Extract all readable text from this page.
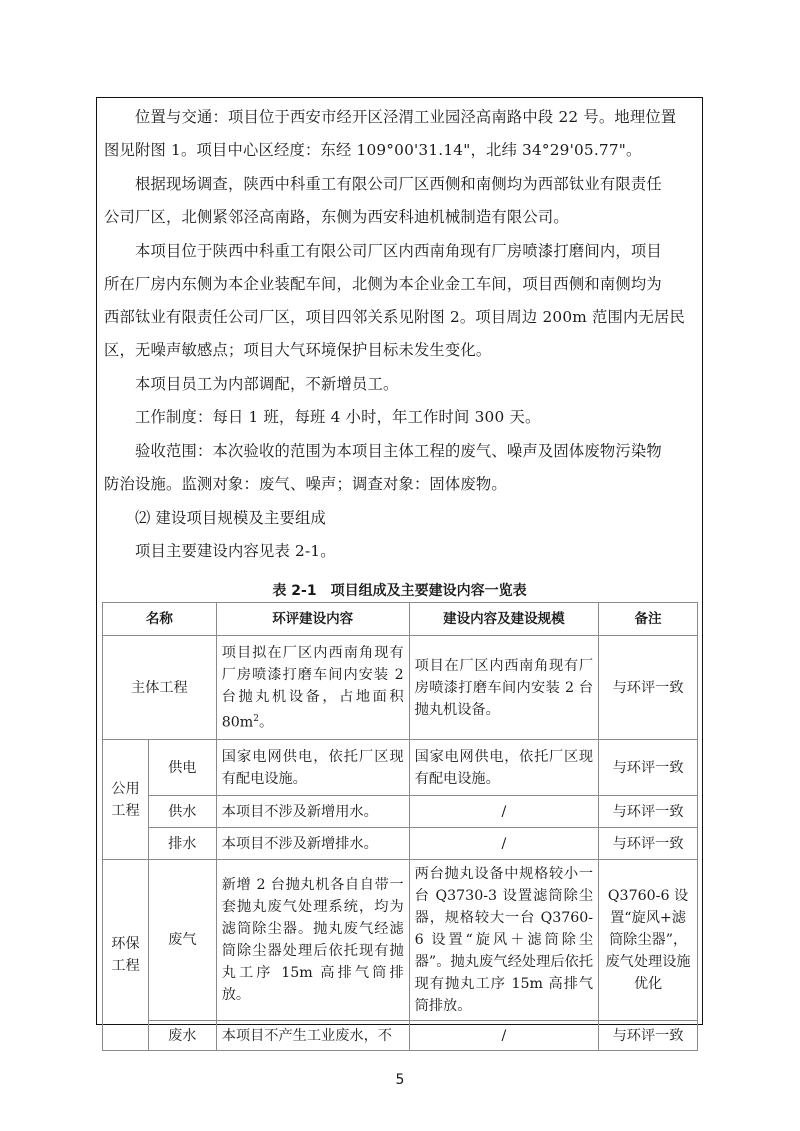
位置与交通：项目位于西安市经开区泾渭工业园泾高南路中段 22 号。地理位置
图见附图 1。项目中心区经度：东经 109°00'31.14"，北纬 34°29'05.77"。
根据现场调查，陕西中科重工有限公司厂区西侧和南侧均为西部钛业有限责任
公司厂区，北侧紧邻泾高南路，东侧为西安科迪机械制造有限公司。
本项目位于陕西中科重工有限公司厂区内西南角现有厂房喷漆打磨间内，项目
所在厂房内东侧为本企业装配车间，北侧为本企业金工车间，项目西侧和南侧均为
西部钛业有限责任公司厂区，项目四邻关系见附图 2。项目周边 200m 范围内无居民
区，无噪声敏感点；项目大气环境保护目标未发生变化。
本项目员工为内部调配，不新增员工。
工作制度：每日 1 班，每班 4 小时，年工作时间 300 天。
验收范围：本次验收的范围为本项目主体工程的废气、噪声及固体废物污染物
防治设施。监测对象：废气、噪声；调查对象：固体废物。
⑵ 建设项目规模及主要组成
项目主要建设内容见表 2-1。
表 2-1　项目组成及主要建设内容一览表
名称		环评建设内容	建设内容及建设规模	备注
主体工程		项目拟在厂区内西南角现有厂房喷漆打磨车间内安装 2 台抛丸机设备，占地面积 $80m^2$。	项目在厂区内西南角现有厂房喷漆打磨车间内安装 2 台抛丸机设备。	与环评一致
公用工程	供电	国家电网供电，依托厂区现有配电设施。	国家电网供电，依托厂区现有配电设施。	与环评一致
	供水	本项目不涉及新增用水。	/	与环评一致
	排水	本项目不涉及新增排水。	/	与环评一致
环保工程	废气	新增 2 台抛丸机各自自带一套抛丸废气处理系统，均为滤筒除尘器。抛丸废气经滤筒除尘器处理后依托现有抛丸工序 15m 高排气筒排放。	两台抛丸设备中规格较小一台 Q3730-3 设置滤筒除尘器，规格较大一台 Q3760-6 设置“旋风＋滤筒除尘器”。抛丸废气经处理后依托现有抛丸工序 15m 高排气筒排放。	Q3760-6 设置“旋风+滤筒除尘器”，废气处理设施优化
	废水	本项目不产生工业废水，不	/	与环评一致
5
